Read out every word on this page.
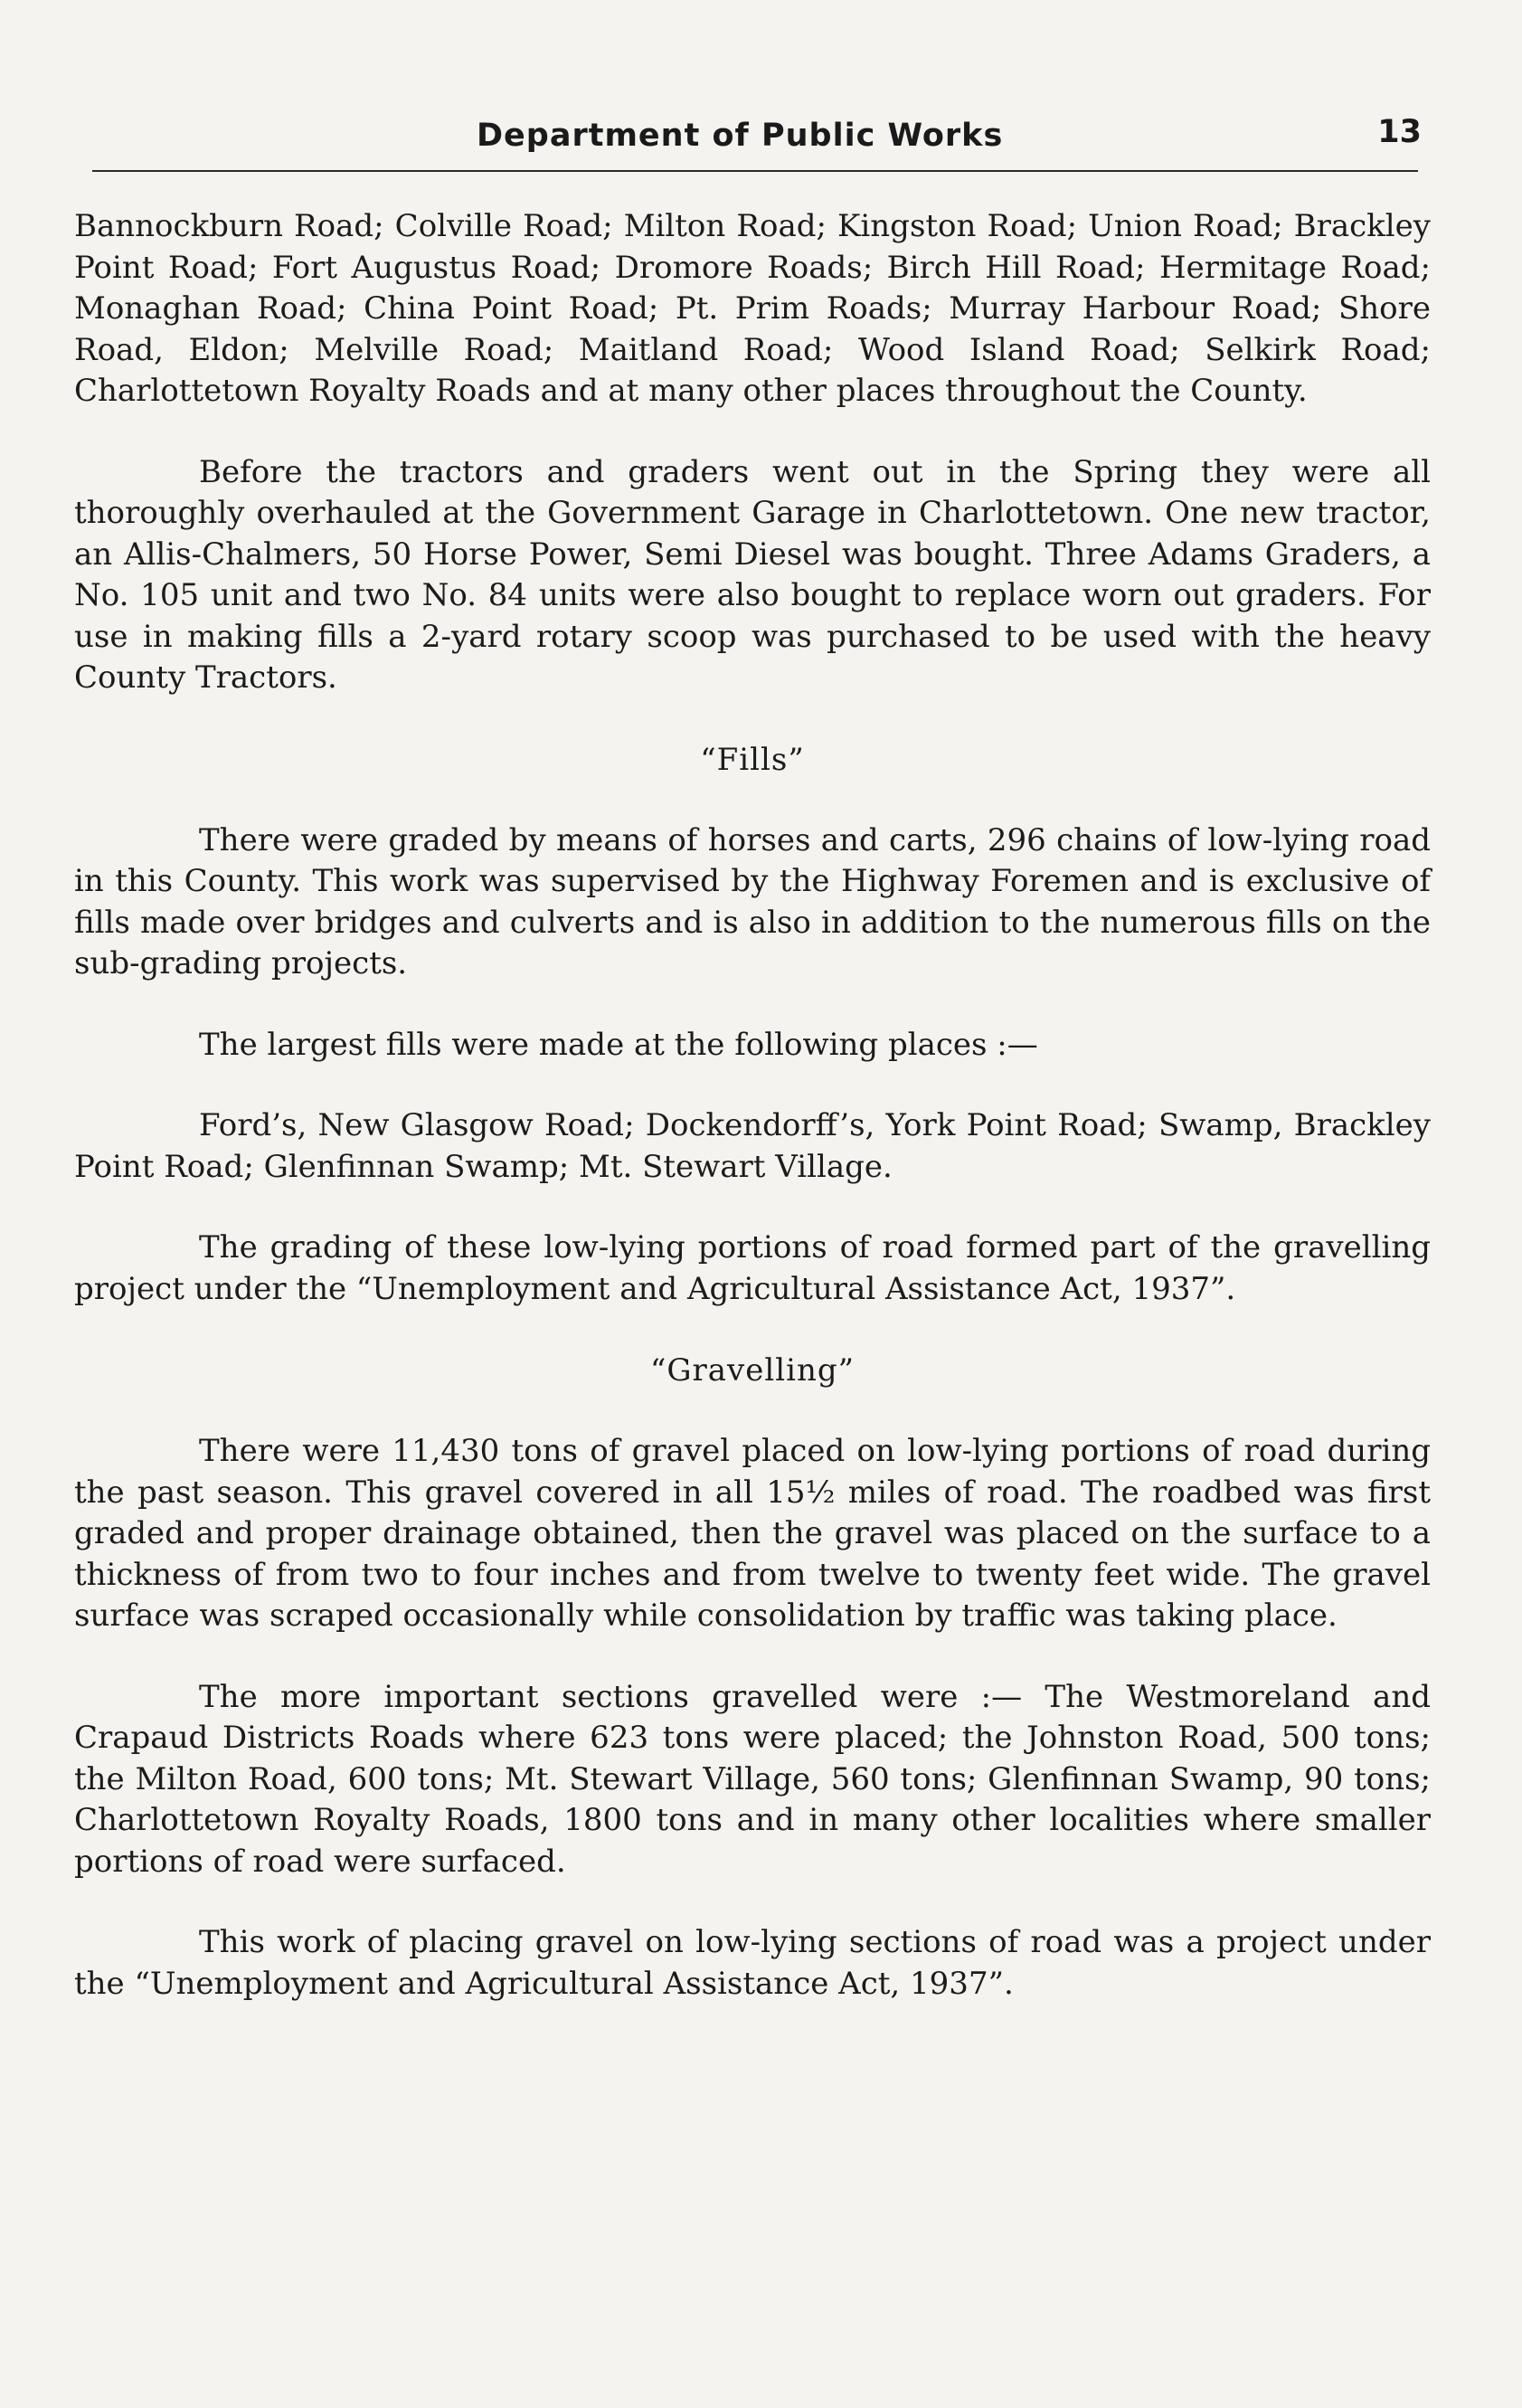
Department of Public Works	13

Bannockburn Road; Colville Road; Milton Road; Kingston Road; Union Road; Brackley Point Road; Fort Augustus Road; Dromore Roads; Birch Hill Road; Hermitage Road; Monaghan Road; China Point Road; Pt. Prim Roads; Murray Harbour Road; Shore Road, Eldon; Melville Road; Maitland Road; Wood Island Road; Selkirk Road; Charlottetown Royalty Roads and at many other places throughout the County.

Before the tractors and graders went out in the Spring they were all thoroughly overhauled at the Government Garage in Charlottetown. One new tractor, an Allis-Chalmers, 50 Horse Power, Semi Diesel was bought. Three Adams Graders, a No. 105 unit and two No. 84 units were also bought to replace worn out graders. For use in making fills a 2-yard rotary scoop was purchased to be used with the heavy County Tractors.

“Fills”

There were graded by means of horses and carts, 296 chains of low-lying road in this County. This work was supervised by the Highway Foremen and is exclusive of fills made over bridges and culverts and is also in addition to the numerous fills on the sub-grading projects.

The largest fills were made at the following places :—

Ford’s, New Glasgow Road; Dockendorff’s, York Point Road; Swamp, Brackley Point Road; Glenfinnan Swamp; Mt. Stewart Village.

The grading of these low-lying portions of road formed part of the gravelling project under the “Unemployment and Agricultural Assistance Act, 1937”.

“Gravelling”

There were 11,430 tons of gravel placed on low-lying portions of road during the past season. This gravel covered in all 15½ miles of road. The roadbed was first graded and proper drainage obtained, then the gravel was placed on the surface to a thickness of from two to four inches and from twelve to twenty feet wide. The gravel surface was scraped occasionally while consolidation by traffic was taking place.

The more important sections gravelled were :— The Westmoreland and Crapaud Districts Roads where 623 tons were placed; the Johnston Road, 500 tons; the Milton Road, 600 tons; Mt. Stewart Village, 560 tons; Glenfinnan Swamp, 90 tons; Charlottetown Royalty Roads, 1800 tons and in many other localities where smaller portions of road were surfaced.

This work of placing gravel on low-lying sections of road was a project under the “Unemployment and Agricultural Assistance Act, 1937”.
